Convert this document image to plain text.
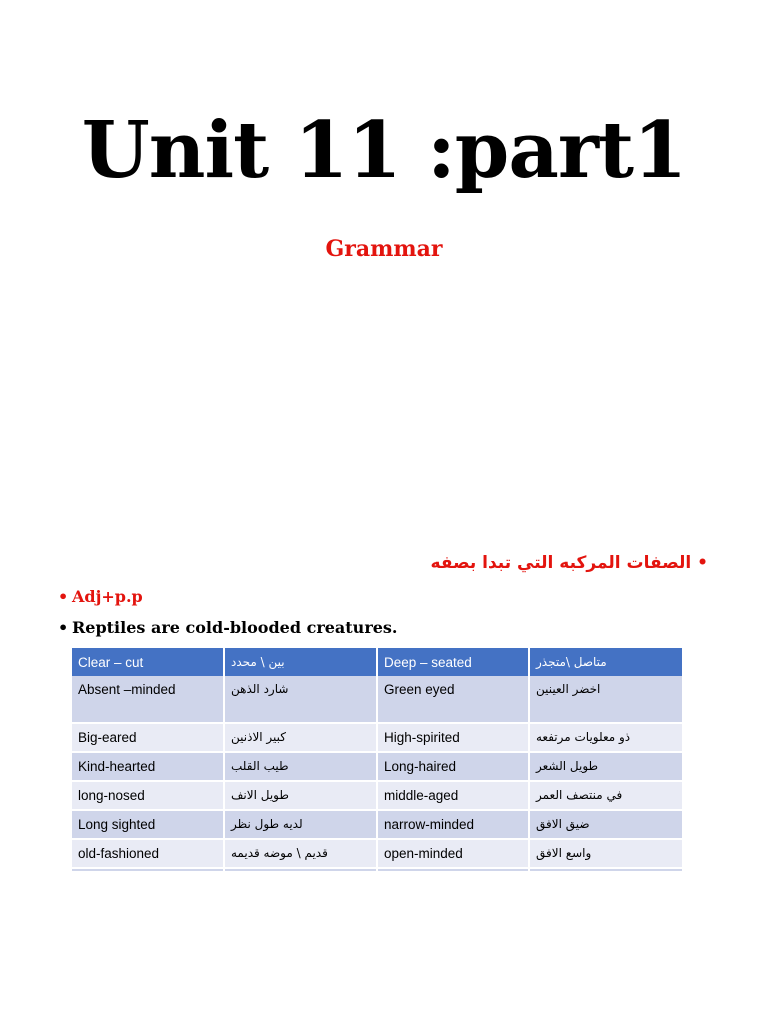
Unit 11 :part1
Grammar
• الصفات المركبه التي تبدا بصفه
• Adj+p.p
• Reptiles are cold-blooded creatures.
Clear – cut	بين \ محدد	Deep – seated	متاصل \متجذر
Absent –minded	شارد الذهن	Green eyed	اخضر العينين
Big-eared	كبير الاذنين	High-spirited	ذو معلويات مرتفعه
Kind-hearted	طيب القلب	Long-haired	طويل الشعر
long-nosed	طويل الانف	middle-aged	في منتصف العمر
Long sighted	لديه طول نظر	narrow-minded	ضيق الافق
old-fashioned	قديم \ موضه قديمه	open-minded	واسع الافق
